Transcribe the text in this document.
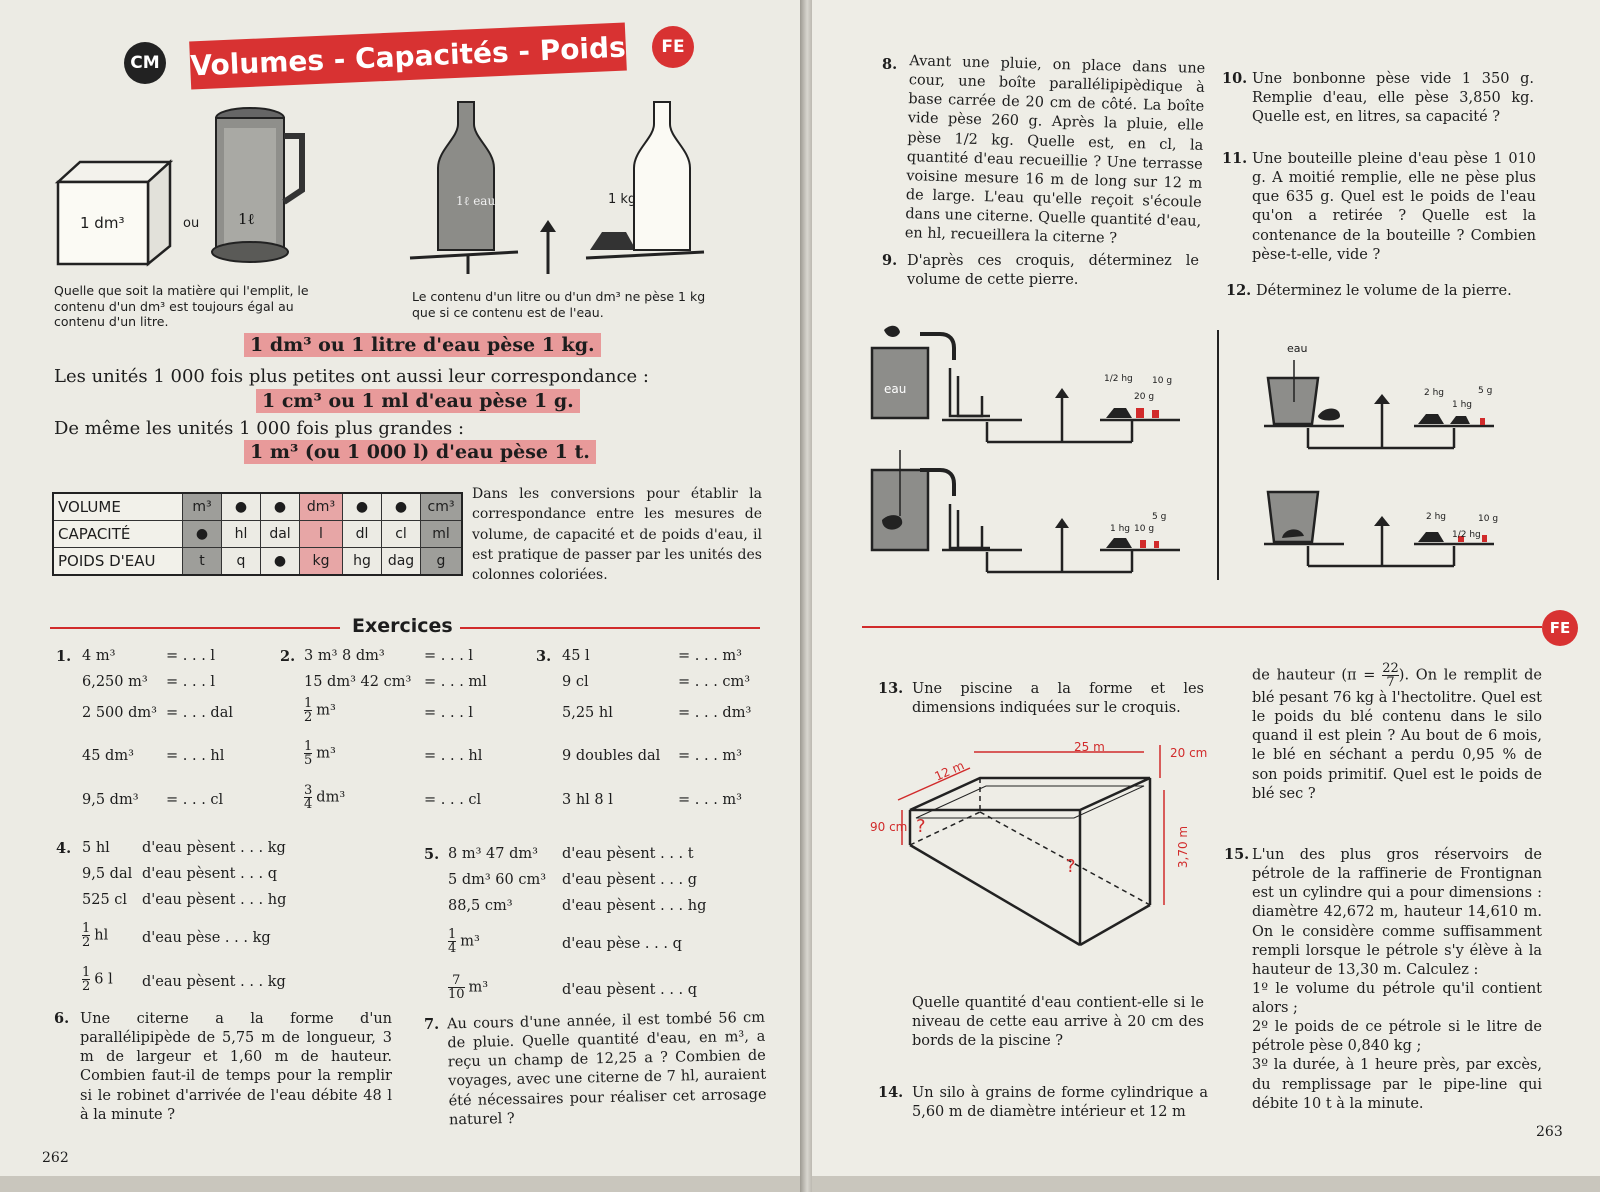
CM Volumes - Capacités - Poids FE
1 dm³	ou	1ℓ
1ℓ eau	1 kg
Quelle que soit la matière qui l'emplit, le contenu d'un dm³ est toujours égal au contenu d'un litre.
Le contenu d'un litre ou d'un dm³ ne pèse 1 kg que si ce contenu est de l'eau.
1 dm³ ou 1 litre d'eau pèse 1 kg.
Les unités 1 000 fois plus petites ont aussi leur correspondance :
1 cm³ ou 1 ml d'eau pèse 1 g.
De même les unités 1 000 fois plus grandes :
1 m³ (ou 1 000 l) d'eau pèse 1 t.
VOLUME	m³	●	●	dm³	●	●	cm³
CAPACITÉ	●	hl	dal	l	dl	cl	ml
POIDS D'EAU	t	q	●	kg	hg	dag	g
Dans les conversions pour établir la correspondance entre les mesures de volume, de capacité et de poids d'eau, il est pratique de passer par les unités des colonnes coloriées.
Exercices
1. 4 m³	= . . . l
6,250 m³ = . . . l
2 500 dm³ = . . . dal
45 dm³ = . . . hl
9,5 dm³ = . . . cl
2. 3 m³ 8 dm³	= . . . l
15 dm³ 42 cm³ = . . . ml
$\frac{1}{2} m^3$	= . . . l
$\frac{1}{5} m^3$	= . . . hl
$\frac{3}{4} dm^3$	= . . . cl
3. 45 l	= . . . m³
9 cl	= . . . cm³
5,25 hl	= . . . dm³
9 doubles dal = . . . m³
3 hl 8 l	= . . . m³
4. 5 hl d'eau pèsent . . . kg
9,5 dal d'eau pèsent . . . q
525 cl d'eau pèsent . . . hg
$\frac{1}{2}$ hl d'eau pèse . . . kg
$\frac{1}{2} 6$ l d'eau pèsent . . . kg
5. 8 m³ 47 dm³ d'eau pèsent . . . t
5 dm³ 60 cm³ d'eau pèsent . . . g
88,5 cm³	d'eau pèsent . . . hg
$\frac{1}{4} m^3$	d'eau pèse . . . q
$\frac{7}{10} m^3$	d'eau pèsent . . . q
6. Une citerne a la forme d'un parallélipipède de 5,75 m de longueur, 3 m de largeur et 1,60 m de hauteur. Combien faut-il de temps pour la remplir si le robinet d'arrivée de l'eau débite 48 l à la minute ?
7. Au cours d'une année, il est tombé 56 cm de pluie. Quelle quantité d'eau, en m³, a reçu un champ de 12,25 a ? Combien de voyages, avec une citerne de 7 hl, auraient été nécessaires pour réaliser cet arrosage naturel ?
262
8. Avant une pluie, on place dans une cour, une boîte parallélipipèdique à base carrée de 20 cm de côté. La boîte vide pèse 260 g. Après la pluie, elle pèse 1/2 kg. Quelle est, en cl, la quantité d'eau recueillie ? Une terrasse voisine mesure 16 m de long sur 12 m de large. L'eau qu'elle reçoit s'écoule dans une citerne. Quelle quantité d'eau, en hl, recueillera la citerne ?
9. D'après ces croquis, déterminez le volume de cette pierre.
10. Une bonbonne pèse vide 1 350 g. Remplie d'eau, elle pèse 3,850 kg. Quelle est, en litres, sa capacité ?
11. Une bouteille pleine d'eau pèse 1 010 g. A moitié remplie, elle ne pèse plus que 635 g. Quel est le poids de l'eau qu'on a retirée ? Quelle est la contenance de la bouteille ? Combien pèse-t-elle, vide ?
12. Déterminez le volume de la pierre.
eau
1/2 hg 10 g
20 g
1 hg 10 g
5 g
eau
2 hg
1 hg
5 g
2 hg
1/2 hg
10 g
FE
13. Une piscine a la forme et les dimensions indiquées sur le croquis.
25 m
12 m
20 cm
90 cm	3,70 m
?
?
Quelle quantité d'eau contient-elle si le niveau de cette eau arrive à 20 cm des bords de la piscine ?
14. Un silo à grains de forme cylindrique a 5,60 m de diamètre intérieur et 12 m
de hauteur ($\pi = \frac{22}{7}$ ). On le remplit de blé pesant 76 kg à l'hectolitre. Quel est le poids du blé contenu dans le silo quand il est plein ? Au bout de 6 mois, le blé en séchant a perdu 0,95 % de son poids primitif. Quel est le poids de blé sec ?
15. L'un des plus gros réservoirs de pétrole de la raffinerie de Frontignan est un cylindre qui a pour dimensions : diamètre 42,672 m, hauteur 14,610 m. On le considère comme suffisamment rempli lorsque le pétrole s'y élève à la hauteur de 13,30 m. Calculez :
1º le volume du pétrole qu'il contient alors ;
2º le poids de ce pétrole si le litre de pétrole pèse 0,840 kg ;
3º la durée, à 1 heure près, par excès, du remplissage par le pipe-line qui débite 10 t à la minute.
263
